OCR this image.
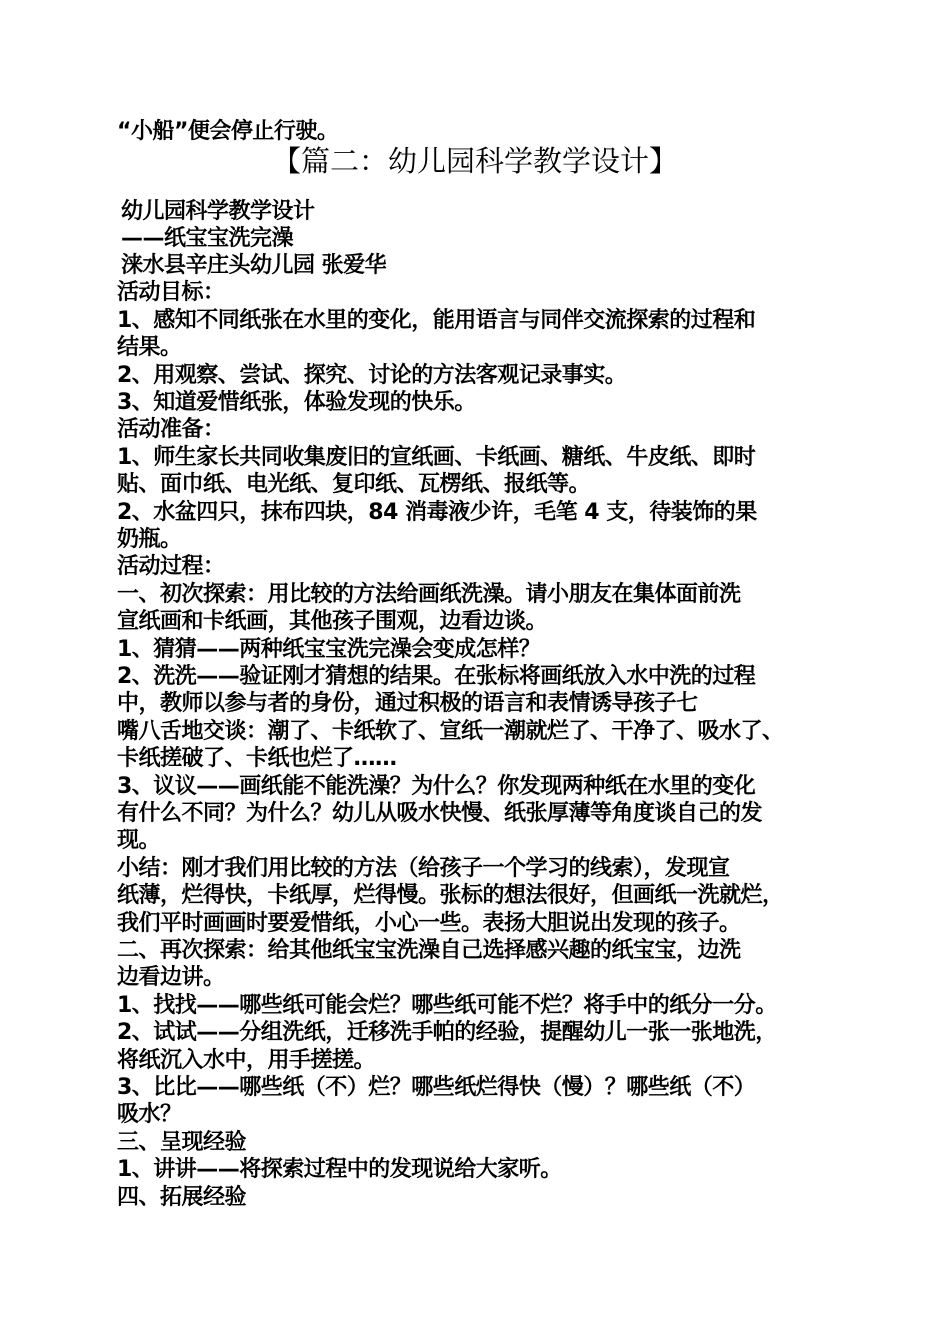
“小船”便会停止行驶。
【篇二：幼儿园科学教学设计】
幼儿园科学教学设计
——纸宝宝洗完澡
涞水县辛庄头幼儿园 张爱华
活动目标：
1、感知不同纸张在水里的变化，能用语言与同伴交流探索的过程和
结果。
2、用观察、尝试、探究、讨论的方法客观记录事实。
3、知道爱惜纸张，体验发现的快乐。
活动准备：
1、师生家长共同收集废旧的宣纸画、卡纸画、糖纸、牛皮纸、即时
贴、面巾纸、电光纸、复印纸、瓦楞纸、报纸等。
2、水盆四只，抹布四块，84 消毒液少许，毛笔 4 支，待装饰的果
奶瓶。
活动过程：
一、初次探索：用比较的方法给画纸洗澡。请小朋友在集体面前洗
宣纸画和卡纸画，其他孩子围观，边看边谈。
1、猜猜——两种纸宝宝洗完澡会变成怎样？
2、洗洗——验证刚才猜想的结果。在张标将画纸放入水中洗的过程
中，教师以参与者的身份，通过积极的语言和表情诱导孩子七
嘴八舌地交谈：潮了、卡纸软了、宣纸一潮就烂了、干净了、吸水了、
卡纸搓破了、卡纸也烂了……
3、议议——画纸能不能洗澡？为什么？你发现两种纸在水里的变化
有什么不同？为什么？幼儿从吸水快慢、纸张厚薄等角度谈自己的发
现。
小结：刚才我们用比较的方法（给孩子一个学习的线索），发现宣
纸薄，烂得快，卡纸厚，烂得慢。张标的想法很好，但画纸一洗就烂，
我们平时画画时要爱惜纸，小心一些。表扬大胆说出发现的孩子。
二、再次探索：给其他纸宝宝洗澡自己选择感兴趣的纸宝宝，边洗
边看边讲。
1、找找——哪些纸可能会烂？哪些纸可能不烂？将手中的纸分一分。
2、试试——分组洗纸，迁移洗手帕的经验，提醒幼儿一张一张地洗，
将纸沉入水中，用手搓搓。
3、比比——哪些纸（不）烂？哪些纸烂得快（慢）？哪些纸（不）
吸水？
三、呈现经验
1、讲讲——将探索过程中的发现说给大家听。
四、拓展经验
